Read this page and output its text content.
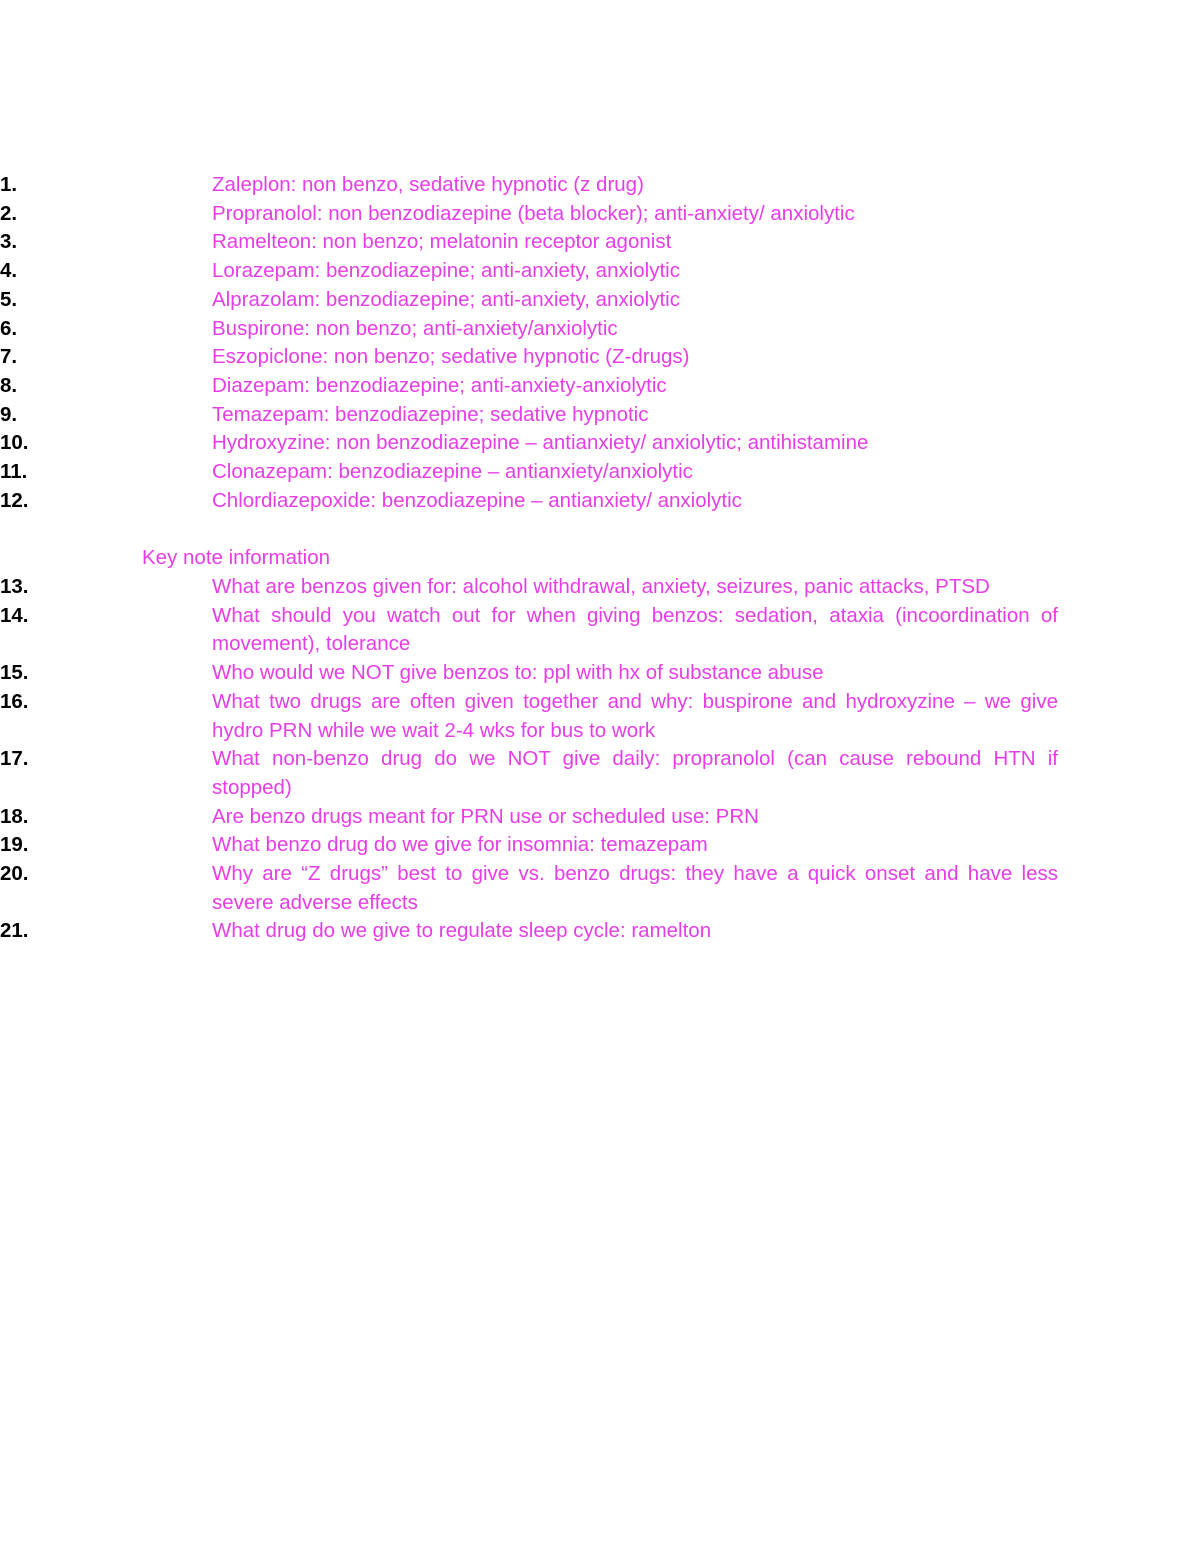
1.	Zaleplon: non benzo, sedative hypnotic (z drug)
2.	Propranolol: non benzodiazepine (beta blocker); anti-anxiety/ anxiolytic
3.	Ramelteon: non benzo; melatonin receptor agonist
4.	Lorazepam: benzodiazepine; anti-anxiety, anxiolytic
5.	Alprazolam: benzodiazepine; anti-anxiety, anxiolytic
6.	Buspirone: non benzo; anti-anxiety/anxiolytic
7.	Eszopiclone: non benzo; sedative hypnotic (Z-drugs)
8.	Diazepam: benzodiazepine; anti-anxiety-anxiolytic
9.	Temazepam: benzodiazepine; sedative hypnotic
10.	Hydroxyzine: non benzodiazepine – antianxiety/ anxiolytic; antihistamine
11.	Clonazepam: benzodiazepine – antianxiety/anxiolytic
12.	Chlordiazepoxide: benzodiazepine – antianxiety/ anxiolytic
Key note information
13.	What are benzos given for: alcohol withdrawal, anxiety, seizures, panic attacks, PTSD
14.	What should you watch out for when giving benzos: sedation, ataxia (incoordination of movement), tolerance
15.	Who would we NOT give benzos to: ppl with hx of substance abuse
16.	What two drugs are often given together and why: buspirone and hydroxyzine – we give hydro PRN while we wait 2-4 wks for bus to work
17.	What non-benzo drug do we NOT give daily: propranolol (can cause rebound HTN if stopped)
18.	Are benzo drugs meant for PRN use or scheduled use: PRN
19.	What benzo drug do we give for insomnia: temazepam
20.	Why are “Z drugs” best to give vs. benzo drugs: they have a quick onset and have less severe adverse effects
21.	What drug do we give to regulate sleep cycle: ramelton
